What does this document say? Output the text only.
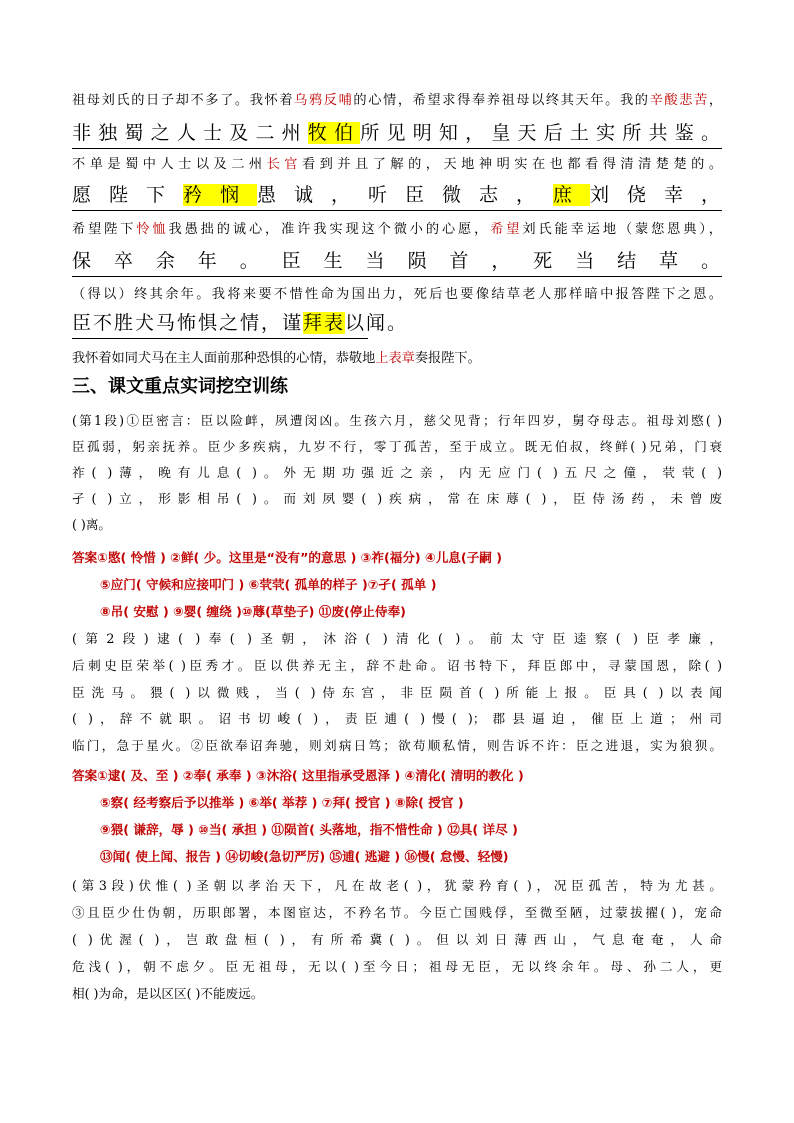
祖母刘氏的日子却不多了。我怀着乌鸦反哺的心情，希望求得奉养祖母以终其天年。我的辛酸悲苦，
非独蜀之人士及二州牧伯所见明知，皇天后土实所共鉴。
不单是蜀中人士以及二州长官看到并且了解的，天地神明实在也都看得清清楚楚的。
愿陛下矜悯愚诚，听臣微志，庶刘侥幸，
希望陛下怜恤我愚拙的诚心，准许我实现这个微小的心愿，希望刘氏能幸运地（蒙您恩典），
保卒余年。臣生当陨首，死当结草。
（得以）终其余年。我将来要不惜性命为国出力，死后也要像结草老人那样暗中报答陛下之恩。
臣不胜犬马怖惧之情，谨拜表以闻。
我怀着如同犬马在主人面前那种恐惧的心情，恭敬地上表章奏报陛下。
三、课文重点实词挖空训练
(第1段)①臣密言：臣以险衅，夙遭闵凶。生孩六月，慈父见背；行年四岁，舅夺母志。祖母刘愍( )
臣孤弱，躬亲抚养。臣少多疾病，九岁不行，零丁孤苦，至于成立。既无伯叔，终鲜( )兄弟，门衰
祚( )薄，晚有儿息( )。外无期功强近之亲，内无应门( )五尺之僮，茕茕( )
孑( )立，形影相吊( )。而刘夙婴( )疾病，常在床蓐( )，臣侍汤药，未曾废
( )离。
答案①愍( 怜惜 ) ②鲜( 少。这里是“没有”的意思 ) ③祚(福分) ④儿息(子嗣 )
⑤应门( 守候和应接叩门 ) ⑥茕茕( 孤单的样子 )⑦孑( 孤单 )
⑧吊( 安慰 ) ⑨婴( 缠绕 )⑩蓐(草垫子) ⑪废(停止侍奉)
(第2段)逮( )奉( )圣朝，沐浴( )清化( )。前太守臣逵察( )臣孝廉，
后刺史臣荣举( )臣秀才。臣以供养无主，辞不赴命。诏书特下，拜臣郎中，寻蒙国恩，除( )
臣洗马。猥( )以微贱，当( )侍东宫，非臣陨首( )所能上报。臣具( )以表闻
( )，辞不就职。诏书切峻( )，责臣逋( )慢( )；郡县逼迫，催臣上道；州司
临门，急于星火。②臣欲奉诏奔驰，则刘病日笃；欲苟顺私情，则告诉不许：臣之进退，实为狼狈。
答案①逮( 及、至 ) ②奉( 承奉 ) ③沐浴( 这里指承受恩泽 ) ④清化( 清明的教化 )
⑤察( 经考察后予以推举 ) ⑥举( 举荐 ) ⑦拜( 授官 ) ⑧除( 授官 )
⑨猥( 谦辞，辱 ) ⑩当( 承担 ) ⑪陨首( 头落地，指不惜性命 ) ⑫具( 详尽 )
⑬闻( 使上闻、报告 ) ⑭切峻(急切严厉) ⑮逋( 逃避 ) ⑯慢( 怠慢、轻慢)
(第3段)伏惟( )圣朝以孝治天下，凡在故老( )，犹蒙矜育( )，况臣孤苦，特为尤甚。
③且臣少仕伪朝，历职郎署，本图宦达，不矜名节。今臣亡国贱俘，至微至陋，过蒙拔擢( )，宠命
( )优渥( )，岂敢盘桓( )，有所希冀( )。但以刘日薄西山，气息奄奄，人命
危浅( )，朝不虑夕。臣无祖母，无以( )至今日；祖母无臣，无以终余年。母、孙二人，更
相( )为命，是以区区( )不能废远。
